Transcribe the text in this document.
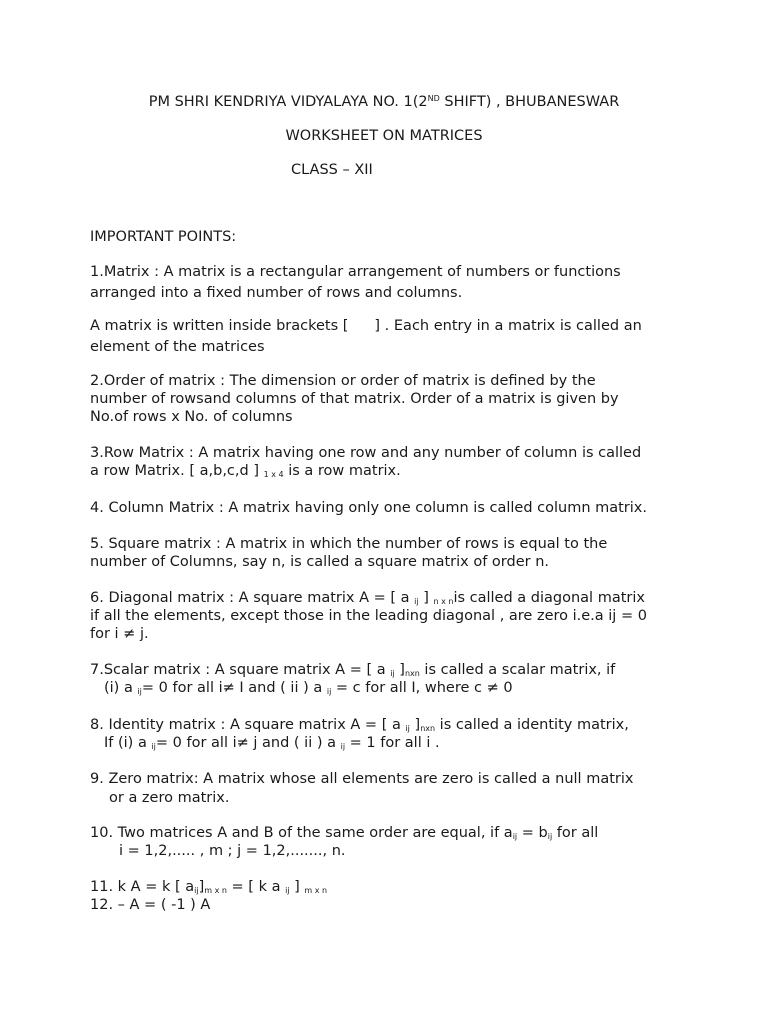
PM SHRI KENDRIYA VIDYALAYA NO. 1(2ND SHIFT) , BHUBANESWAR
WORKSHEET ON MATRICES
CLASS – XII
IMPORTANT POINTS:
1.Matrix : A matrix is a rectangular arrangement of numbers or functions
arranged into a fixed number of rows and columns.
A matrix is written inside brackets [ ] . Each entry in a matrix is called an
element of the matrices
2.Order of matrix : The dimension or order of matrix is defined by the
number of rowsand columns of that matrix. Order of a matrix is given by
No.of rows x No. of columns
3.Row Matrix : A matrix having one row and any number of column is called
a row Matrix. [ a,b,c,d ] $_{1 x 4}$ is a row matrix.
4. Column Matrix : A matrix having only one column is called column matrix.
5. Square matrix : A matrix in which the number of rows is equal to the
number of Columns, say n, is called a square matrix of order n.
6. Diagonal matrix : A square matrix A = [ a $_{ij}$ ] $_{n x n}$is called a diagonal matrix
if all the elements, except those in the leading diagonal , are zero i.e.a ij = 0
for i ≠ j.
7.Scalar matrix : A square matrix A = [ a $_{ij}$ ]$_{nxn}$ is called a scalar matrix, if
(i) a $_{ij}$= 0 for all i≠ I and ( ii ) a $_{ij}$ = c for all I, where c ≠ 0
8. Identity matrix : A square matrix A = [ a $_{ij}$ ]$_{nxn}$ is called a identity matrix,
If (i) a $_{ij}$= 0 for all i≠ j and ( ii ) a $_{ij}$ = 1 for all i .
9. Zero matrix: A matrix whose all elements are zero is called a null matrix
or a zero matrix.
10. Two matrices A and B of the same order are equal, if $a_{ij} = b_{ij}$ for all
i = 1,2,..... , m ; j = 1,2,......., n.
11. k A = k [ $a_{ij}]_{m x n}$ = [ k a $_{ij}$ ] $_{m x n}$
12. – A = ( -1 ) A
